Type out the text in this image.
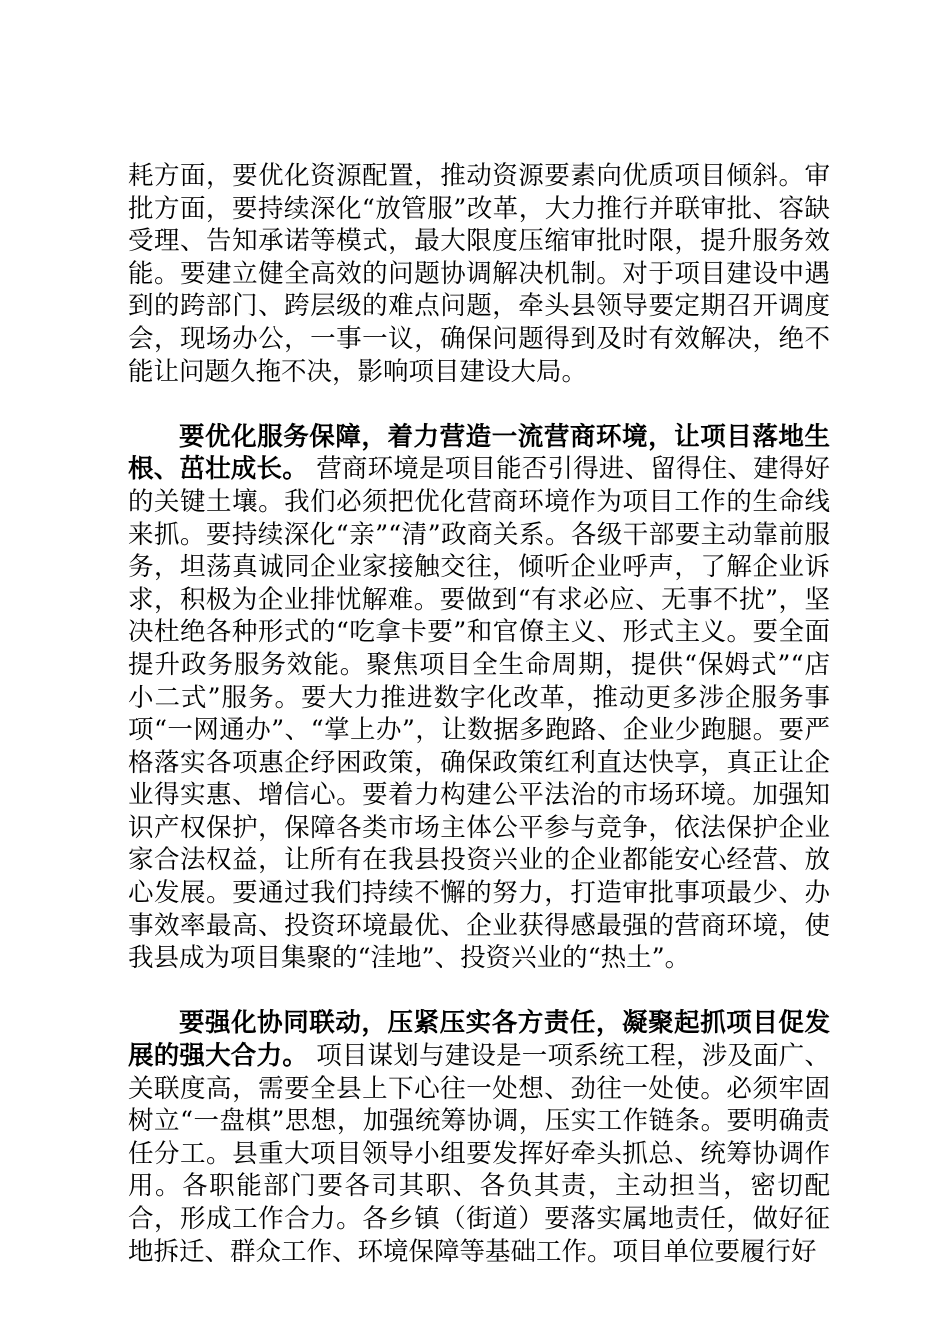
耗方面，要优化资源配置，推动资源要素向优质项目倾斜。审批方面，要持续深化“放管服”改革，大力推行并联审批、容缺受理、告知承诺等模式，最大限度压缩审批时限，提升服务效能。要建立健全高效的问题协调解决机制。对于项目建设中遇到的跨部门、跨层级的难点问题，牵头县领导要定期召开调度会，现场办公，一事一议，确保问题得到及时有效解决，绝不能让问题久拖不决，影响项目建设大局。

要优化服务保障，着力营造一流营商环境，让项目落地生根、茁壮成长。 营商环境是项目能否引得进、留得住、建得好的关键土壤。我们必须把优化营商环境作为项目工作的生命线来抓。要持续深化“亲”“清”政商关系。各级干部要主动靠前服务，坦荡真诚同企业家接触交往，倾听企业呼声，了解企业诉求，积极为企业排忧解难。要做到“有求必应、无事不扰”，坚决杜绝各种形式的“吃拿卡要”和官僚主义、形式主义。要全面提升政务服务效能。聚焦项目全生命周期，提供“保姆式”“店小二式”服务。要大力推进数字化改革，推动更多涉企服务事项“一网通办”、“掌上办”，让数据多跑路、企业少跑腿。要严格落实各项惠企纾困政策，确保政策红利直达快享，真正让企业得实惠、增信心。要着力构建公平法治的市场环境。加强知识产权保护，保障各类市场主体公平参与竞争，依法保护企业家合法权益，让所有在我县投资兴业的企业都能安心经营、放心发展。要通过我们持续不懈的努力，打造审批事项最少、办事效率最高、投资环境最优、企业获得感最强的营商环境，使我县成为项目集聚的“洼地”、投资兴业的“热土”。

要强化协同联动，压紧压实各方责任，凝聚起抓项目促发展的强大合力。 项目谋划与建设是一项系统工程，涉及面广、关联度高，需要全县上下心往一处想、劲往一处使。必须牢固树立“一盘棋”思想，加强统筹协调，压实工作链条。要明确责任分工。县重大项目领导小组要发挥好牵头抓总、统筹协调作用。各职能部门要各司其职、各负其责，主动担当，密切配合，形成工作合力。各乡镇（街道）要落实属地责任，做好征地拆迁、群众工作、环境保障等基础工作。项目单位要履行好
